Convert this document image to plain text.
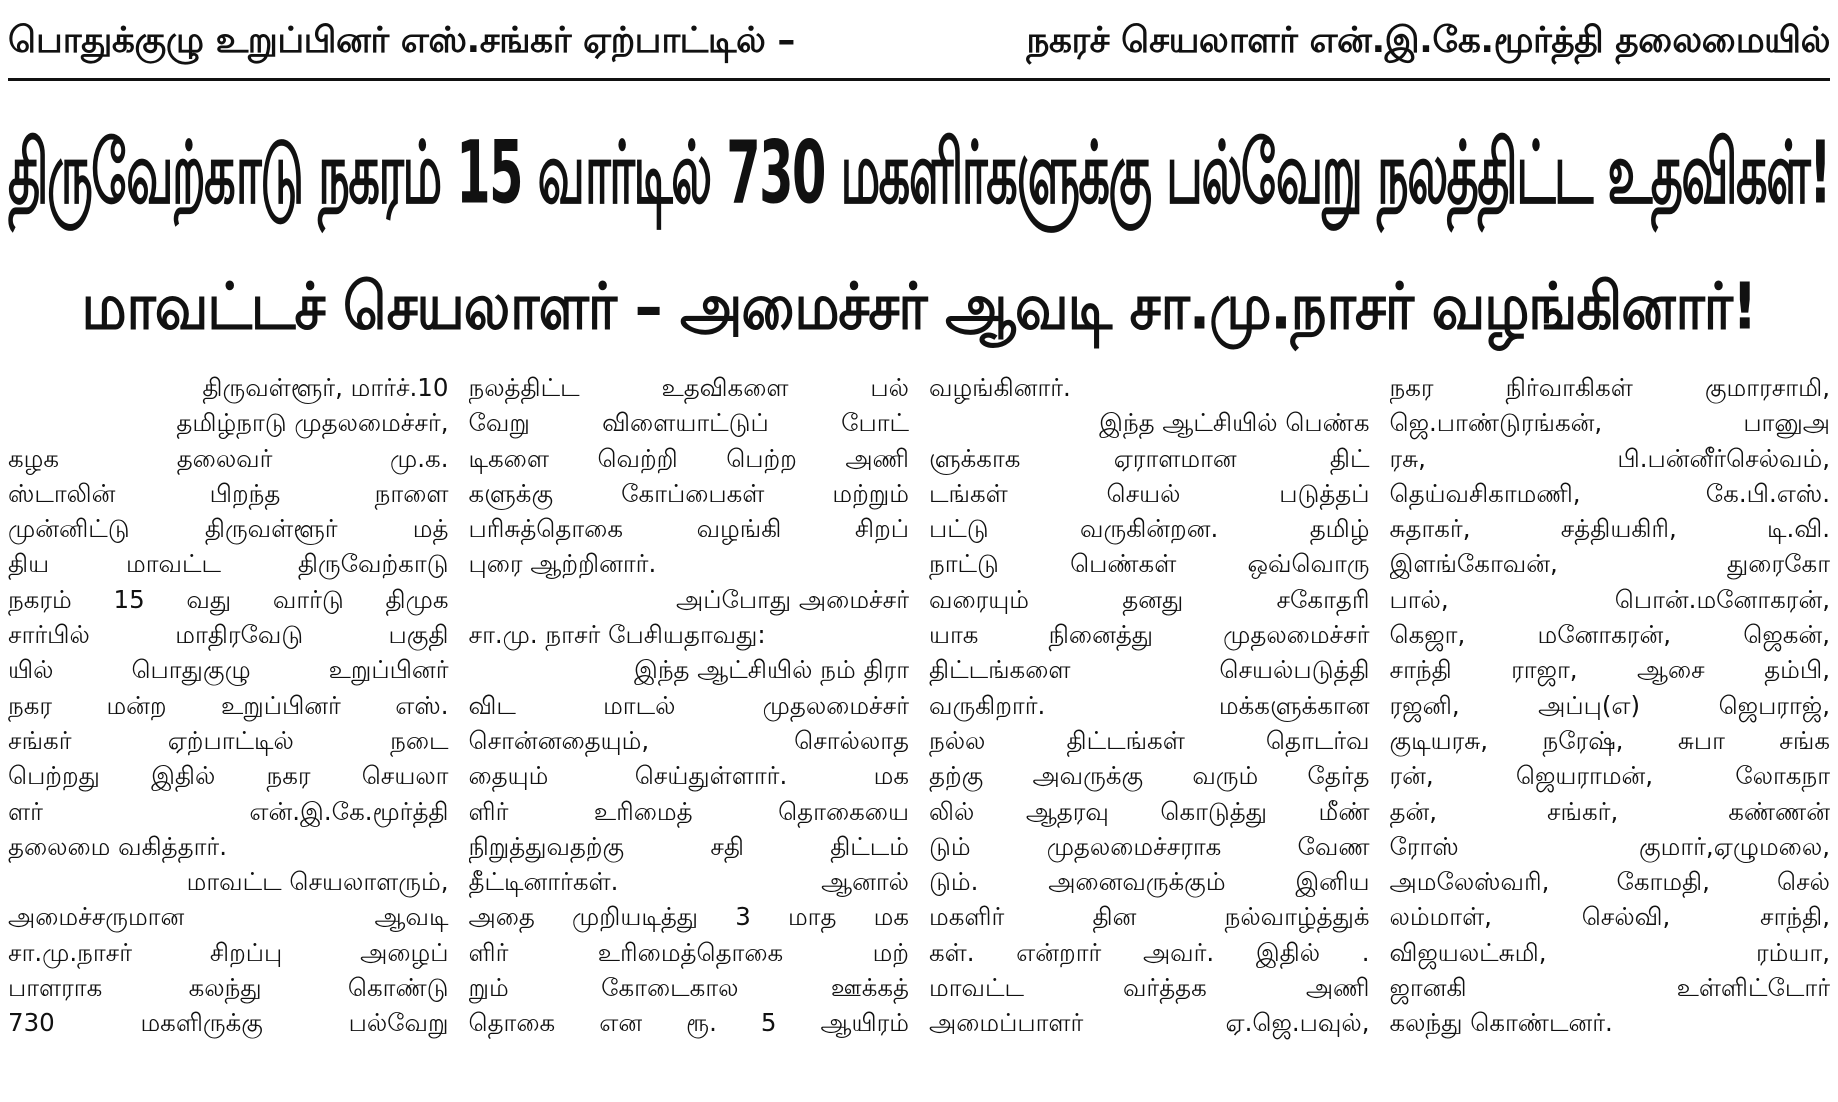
பொதுக்குழு உறுப்பினர் எஸ்.சங்கர் ஏற்பாட்டில் –	நகரச் செயலாளர் என்.இ.கே.மூர்த்தி தலைமையில்
திருவேற்காடு நகரம் 15 வார்டில் 730 மகளிர்களுக்கு பல்வேறு நலத்திட்ட உதவிகள்!
மாவட்டச் செயலாளர் – அமைச்சர் ஆவடி சா.மு.நாசர் வழங்கினார்!

திருவள்ளூர், மார்ச்.10

தமிழ்நாடு முதலமைச்சர்,

கழக தலைவர் மு.க.

ஸ்டாலின் பிறந்த நாளை

முன்னிட்டு திருவள்ளூர் மத்

திய மாவட்ட திருவேற்காடு

நகரம் 15 வது வார்டு திமுக

சார்பில் மாதிரவேடு பகுதி

யில் பொதுகுழு உறுப்பினர்

நகர மன்ற உறுப்பினர் எஸ்.

சங்கர் ஏற்பாட்டில் நடை

பெற்றது இதில் நகர செயலா

ளர் என்.இ.கே.மூர்த்தி

தலைமை வகித்தார்.

மாவட்ட செயலாளரும்,

அமைச்சருமான ஆவடி

சா.மு.நாசர் சிறப்பு அழைப்

பாளராக கலந்து கொண்டு

730 மகளிருக்கு பல்வேறு

நலத்திட்ட உதவிகளை பல்

வேறு விளையாட்டுப் போட்

டிகளை வெற்றி பெற்ற அணி

களுக்கு கோப்பைகள் மற்றும்

பரிசுத்தொகை வழங்கி சிறப்

புரை ஆற்றினார்.

அப்போது அமைச்சர்

சா.மு. நாசர் பேசியதாவது:

இந்த ஆட்சியில் நம் திரா

விட மாடல் முதலமைச்சர்

சொன்னதையும், சொல்லாத

தையும் செய்துள்ளார். மக

ளிர் உரிமைத் தொகையை

நிறுத்துவதற்கு சதி திட்டம்

தீட்டினார்கள். ஆனால்

அதை முறியடித்து 3 மாத மக

ளிர் உரிமைத்தொகை மற்

றும் கோடைகால ஊக்கத்

தொகை என ரூ. 5 ஆயிரம்

வழங்கினார்.

இந்த ஆட்சியில் பெண்க

ளுக்காக ஏராளமான திட்

டங்கள் செயல் படுத்தப்

பட்டு வருகின்றன. தமிழ்

நாட்டு பெண்கள் ஒவ்வொரு

வரையும் தனது சகோதரி

யாக நினைத்து முதலமைச்சர்

திட்டங்களை செயல்படுத்தி

வருகிறார். மக்களுக்கான

நல்ல திட்டங்கள் தொடர்வ

தற்கு அவருக்கு வரும் தேர்த

லில் ஆதரவு கொடுத்து மீண்

டும் முதலமைச்சராக வேண

டும். அனைவருக்கும் இனிய

மகளிர் தின நல்வாழ்த்துக்

கள். என்றார் அவர். இதில் .

மாவட்ட வர்த்தக அணி

அமைப்பாளர் ஏ.ஜெ.பவுல்,

நகர நிர்வாகிகள் குமாரசாமி,

ஜெ.பாண்டுரங்கன், பானுஅ

ரசு, பி.பன்னீர்செல்வம்,

தெய்வசிகாமணி, கே.பி.எஸ்.

சுதாகர், சத்தியகிரி, டி.வி.

இளங்கோவன், துரைகோ

பால், பொன்.மனோகரன்,

கெஜா, மனோகரன், ஜெகன்,

சாந்தி ராஜா, ஆசை தம்பி,

ரஜனி, அப்பு(எ) ஜெபராஜ்,

குடியரசு, நரேஷ், சுபா சங்க

ரன், ஜெயராமன், லோகநா

தன், சங்கர், கண்ணன்

ரோஸ் குமார்,ஏழுமலை,

அமலேஸ்வரி, கோமதி, செல்

லம்மாள், செல்வி, சாந்தி,

விஜயலட்சுமி, ரம்யா,

ஜானகி உள்ளிட்டோர்

கலந்து கொண்டனர்.
